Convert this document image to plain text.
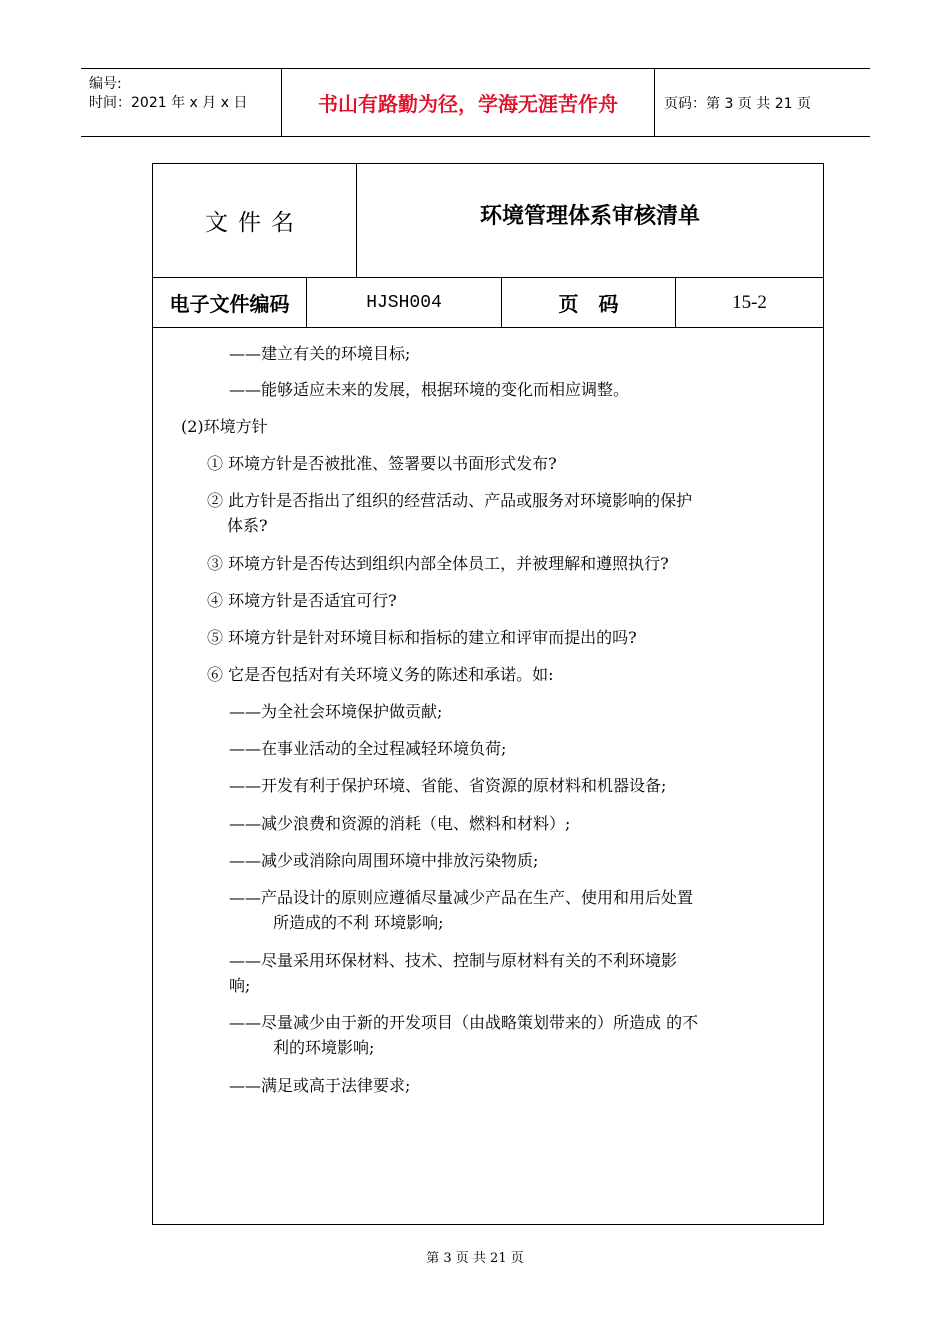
编号:
时间：2021 年 x 月 x 日	书山有路勤为径，学海无涯苦作舟	页码：第 3 页 共 21 页
文件名	环境管理体系审核清单
电子文件编码	HJSH004	页码	15-2
——建立有关的环境目标;
——能够适应未来的发展，根据环境的变化而相应调整。
(2)环境方针
① 环境方针是否被批准、签署要以书面形式发布?
② 此方针是否指出了组织的经营活动、产品或服务对环境影响的保护
体系?
③ 环境方针是否传达到组织内部全体员工，并被理解和遵照执行?
④ 环境方针是否适宜可行?
⑤ 环境方针是针对环境目标和指标的建立和评审而提出的吗?
⑥ 它是否包括对有关环境义务的陈述和承诺。如:
——为全社会环境保护做贡献;
——在事业活动的全过程减轻环境负荷;
——开发有利于保护环境、省能、省资源的原材料和机器设备;
——减少浪费和资源的消耗（电、燃料和材料）;
——减少或消除向周围环境中排放污染物质;
——产品设计的原则应遵循尽量减少产品在生产、使用和用后处置
所造成的不利 环境影响;
——尽量采用环保材料、技术、控制与原材料有关的不利环境影
响;
——尽量减少由于新的开发项目（由战略策划带来的）所造成 的不
利的环境影响;
——满足或高于法律要求;
第 3 页 共 21 页
